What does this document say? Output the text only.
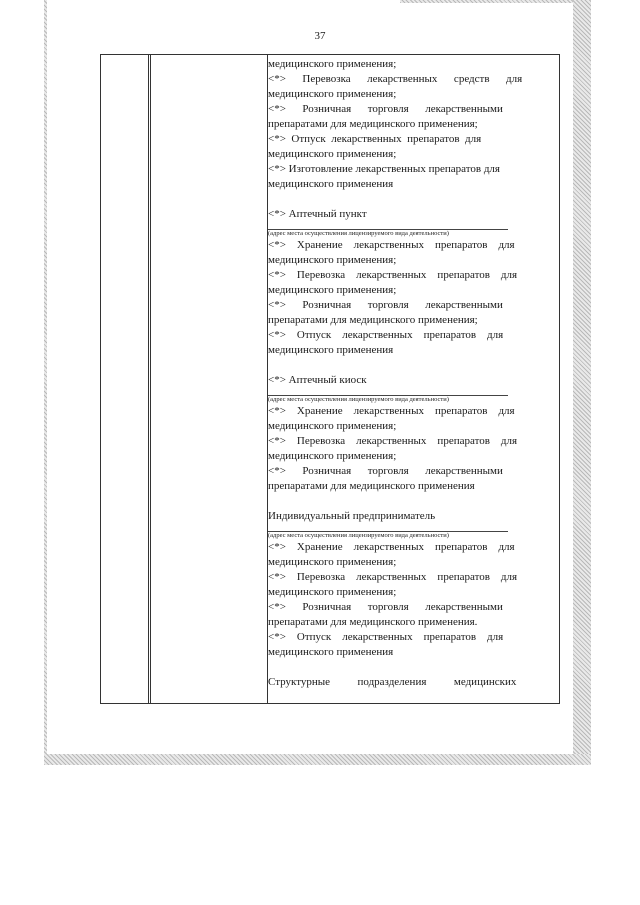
37
медицинского применения;
<*>      Перевозка      лекарственных      средств      для
медицинского применения;
<*>      Розничная      торговля      лекарственными
препаратами для медицинского применения;
<*>  Отпуск  лекарственных  препаратов  для
медицинского применения;
<*> Изготовление лекарственных препаратов для
медицинского применения
<*> Аптечный пункт
(адрес места осуществления лицензируемого вида деятельности)
<*>    Хранение    лекарственных    препаратов    для
медицинского применения;
<*>    Перевозка    лекарственных    препаратов    для
медицинского применения;
<*>      Розничная      торговля      лекарственными
препаратами для медицинского применения;
<*>    Отпуск    лекарственных    препаратов    для
медицинского применения
<*> Аптечный киоск
(адрес места осуществления лицензируемого вида деятельности)
<*>    Хранение    лекарственных    препаратов    для
медицинского применения;
<*>    Перевозка    лекарственных    препаратов    для
медицинского применения;
<*>      Розничная      торговля      лекарственными
препаратами для медицинского применения
Индивидуальный предприниматель
(адрес места осуществления лицензируемого вида деятельности)
<*>    Хранение    лекарственных    препаратов    для
медицинского применения;
<*>    Перевозка    лекарственных    препаратов    для
медицинского применения;
<*>      Розничная      торговля      лекарственными
препаратами для медицинского применения.
<*>    Отпуск    лекарственных    препаратов    для
медицинского применения
Структурные          подразделения          медицинских
